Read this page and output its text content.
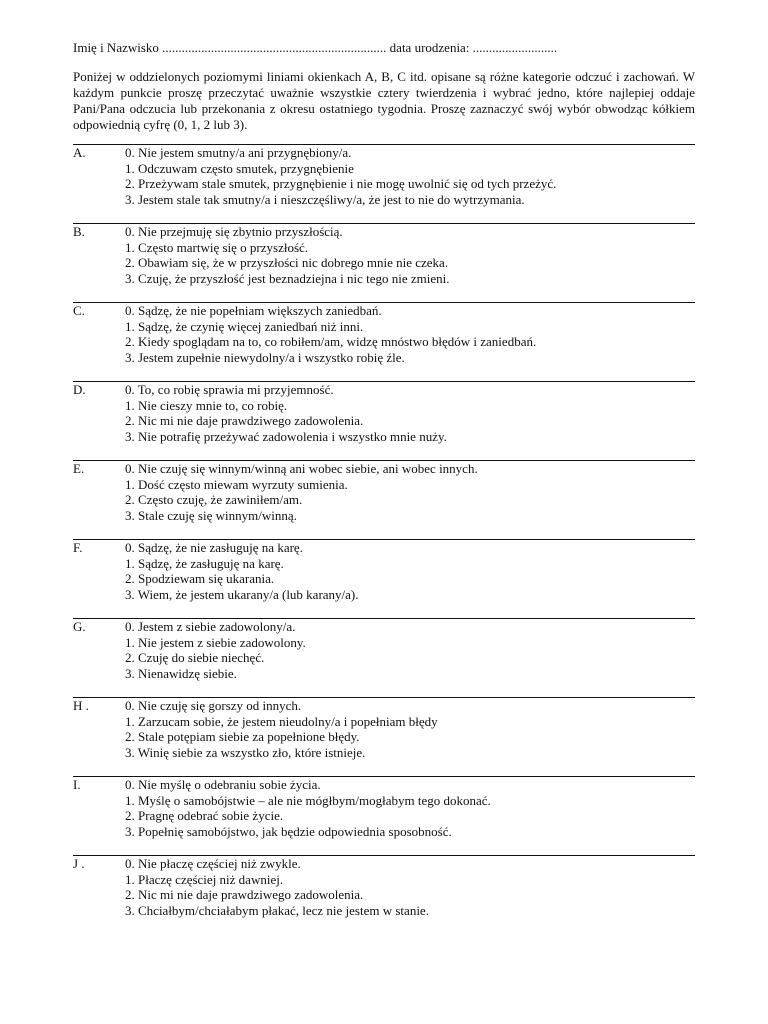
Imię i Nazwisko ..................................................................... data urodzenia: ..........................

Poniżej w oddzielonych poziomymi liniami okienkach A, B, C itd. opisane są różne kategorie odczuć i zachowań. W każdym punkcie proszę przeczytać uważnie wszystkie cztery twierdzenia i wybrać jedno, które najlepiej oddaje Pani/Pana odczucia lub przekonania z okresu ostatniego tygodnia. Proszę zaznaczyć swój wybór obwodząc kółkiem odpowiednią cyfrę (0, 1, 2 lub 3).

A.	0. Nie jestem smutny/a ani przygnębiony/a.
1. Odczuwam często smutek, przygnębienie
2. Przeżywam stale smutek, przygnębienie i nie mogę uwolnić się od tych przeżyć.
3. Jestem stale tak smutny/a i nieszczęśliwy/a, że jest to nie do wytrzymania.
B.	0. Nie przejmuję się zbytnio przyszłością.
1. Często martwię się o przyszłość.
2. Obawiam się, że w przyszłości nic dobrego mnie nie czeka.
3. Czuję, że przyszłość jest beznadziejna i nic tego nie zmieni.
C.	0. Sądzę, że nie popełniam większych zaniedbań.
1. Sądzę, że czynię więcej zaniedbań niż inni.
2. Kiedy spoglądam na to, co robiłem/am, widzę mnóstwo błędów i zaniedbań.
3. Jestem zupełnie niewydolny/a i wszystko robię źle.
D.	0. To, co robię sprawia mi przyjemność.
1. Nie cieszy mnie to, co robię.
2. Nic mi nie daje prawdziwego zadowolenia.
3. Nie potrafię przeżywać zadowolenia i wszystko mnie nuży.
E.	0. Nie czuję się winnym/winną ani wobec siebie, ani wobec innych.
1. Dość często miewam wyrzuty sumienia.
2. Często czuję, że zawiniłem/am.
3. Stale czuję się winnym/winną.
F.	0. Sądzę, że nie zasługuję na karę.
1. Sądzę, że zasługuję na karę.
2. Spodziewam się ukarania.
3. Wiem, że jestem ukarany/a (lub karany/a).
G.	0. Jestem z siebie zadowolony/a.
1. Nie jestem z siebie zadowolony.
2. Czuję do siebie niechęć.
3. Nienawidzę siebie.
H .	0. Nie czuję się gorszy od innych.
1. Zarzucam sobie, że jestem nieudolny/a i popełniam błędy
2. Stale potępiam siebie za popełnione błędy.
3. Winię siebie za wszystko zło, które istnieje.
I.	0. Nie myślę o odebraniu sobie życia.
1. Myślę o samobójstwie – ale nie mógłbym/mogłabym tego dokonać.
2. Pragnę odebrać sobie życie.
3. Popełnię samobójstwo, jak będzie odpowiednia sposobność.
J .	0. Nie płaczę częściej niż zwykle.
1. Płaczę częściej niż dawniej.
2. Nic mi nie daje prawdziwego zadowolenia.
3. Chciałbym/chciałabym płakać, lecz nie jestem w stanie.
